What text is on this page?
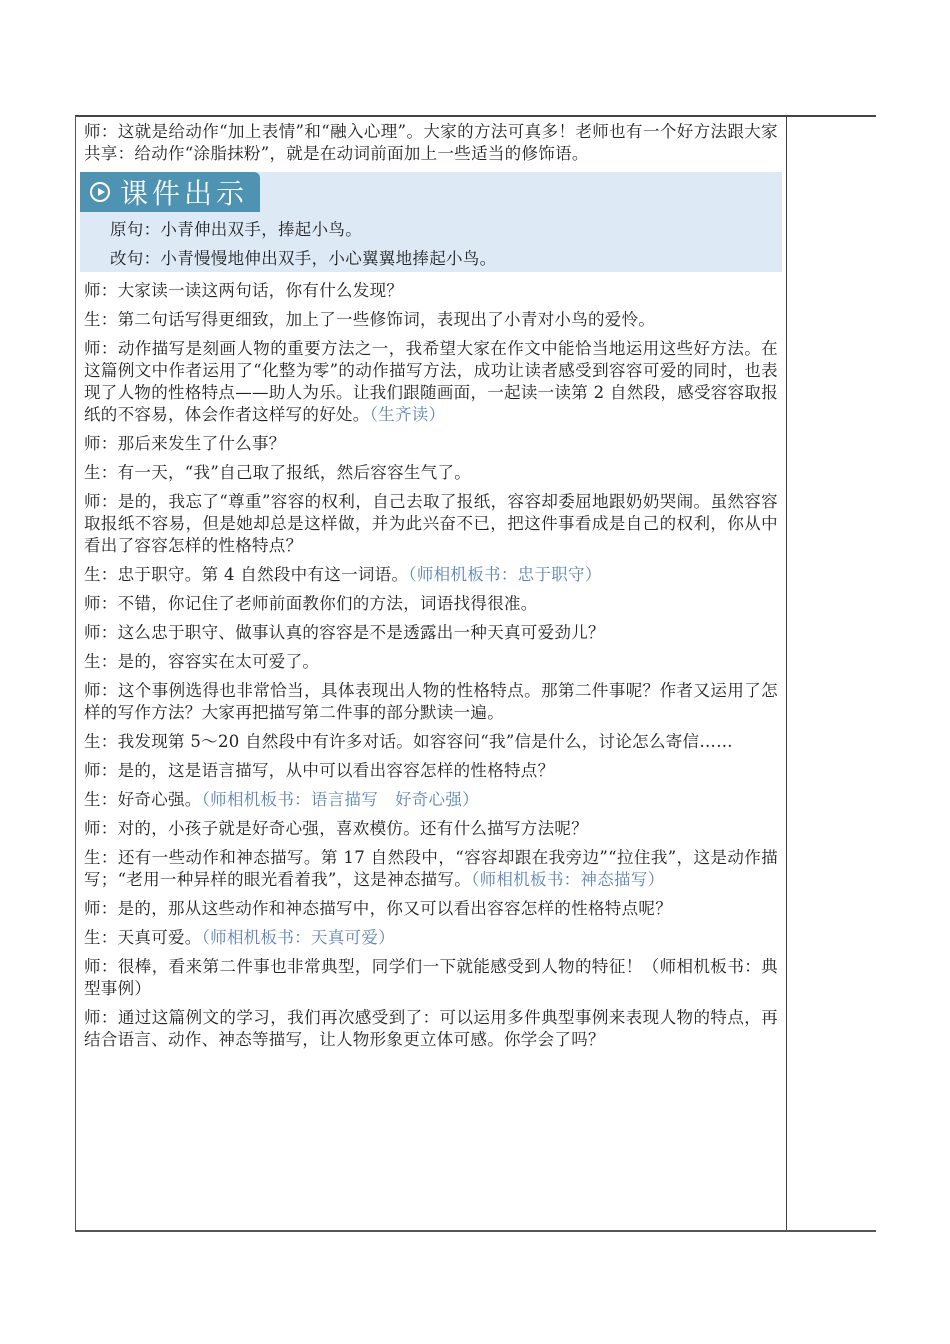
师：这就是给动作“加上表情”和“融入心理”。大家的方法可真多！老师也有一个好方法跟大家共享：给动作“涂脂抹粉”，就是在动词前面加上一些适当的修饰语。

课件出示
原句：小青伸出双手，捧起小鸟。
改句：小青慢慢地伸出双手，小心翼翼地捧起小鸟。

师：大家读一读这两句话，你有什么发现？

生：第二句话写得更细致，加上了一些修饰词，表现出了小青对小鸟的爱怜。

师：动作描写是刻画人物的重要方法之一，我希望大家在作文中能恰当地运用这些好方法。在这篇例文中作者运用了“化整为零”的动作描写方法，成功让读者感受到容容可爱的同时，也表现了人物的性格特点——助人为乐。让我们跟随画面，一起读一读第 2 自然段，感受容容取报纸的不容易，体会作者这样写的好处。（生齐读）

师：那后来发生了什么事？

生：有一天，“我”自己取了报纸，然后容容生气了。

师：是的，我忘了“尊重”容容的权利，自己去取了报纸，容容却委屈地跟奶奶哭闹。虽然容容取报纸不容易，但是她却总是这样做，并为此兴奋不已，把这件事看成是自己的权利，你从中看出了容容怎样的性格特点？

生：忠于职守。第 4 自然段中有这一词语。（师相机板书：忠于职守）

师：不错，你记住了老师前面教你们的方法，词语找得很准。

师：这么忠于职守、做事认真的容容是不是透露出一种天真可爱劲儿？

生：是的，容容实在太可爱了。

师：这个事例选得也非常恰当，具体表现出人物的性格特点。那第二件事呢？作者又运用了怎样的写作方法？大家再把描写第二件事的部分默读一遍。

生：我发现第 5～20 自然段中有许多对话。如容容问“我”信是什么，讨论怎么寄信……

师：是的，这是语言描写，从中可以看出容容怎样的性格特点？

生：好奇心强。（师相机板书：语言描写　好奇心强）

师：对的，小孩子就是好奇心强，喜欢模仿。还有什么描写方法呢？

生：还有一些动作和神态描写。第 17 自然段中，“容容却跟在我旁边”“拉住我”，这是动作描写；“老用一种异样的眼光看着我”，这是神态描写。（师相机板书：神态描写）

师：是的，那从这些动作和神态描写中，你又可以看出容容怎样的性格特点呢？

生：天真可爱。（师相机板书：天真可爱）

师：很棒，看来第二件事也非常典型，同学们一下就能感受到人物的特征！（师相机板书：典型事例）

师：通过这篇例文的学习，我们再次感受到了：可以运用多件典型事例来表现人物的特点，再结合语言、动作、神态等描写，让人物形象更立体可感。你学会了吗？
